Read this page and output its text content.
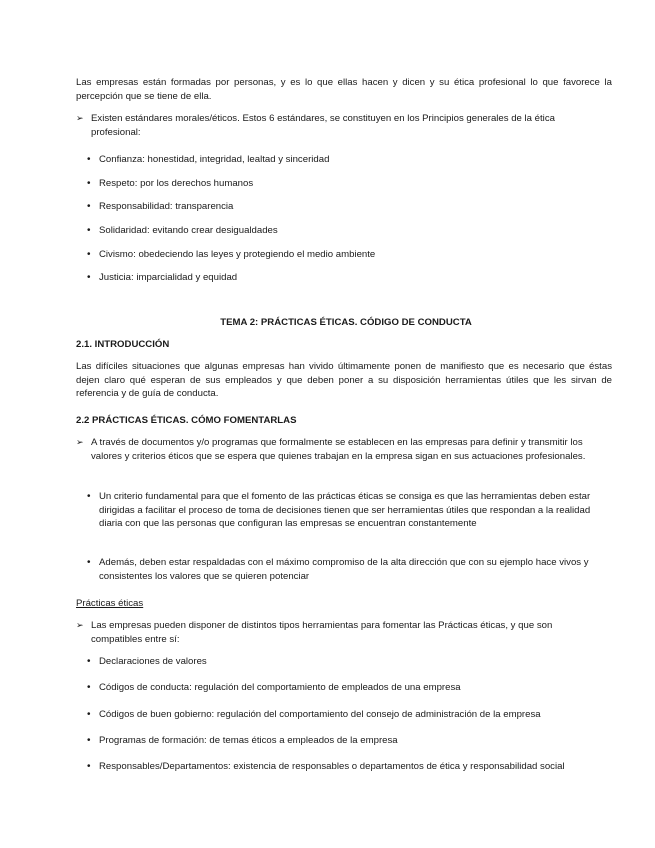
Las empresas están formadas por personas, y es lo que ellas hacen y dicen y su ética profesional lo que favorece la percepción que se tiene de ella.
➢ Existen estándares morales/éticos. Estos 6 estándares, se constituyen en los Principios generales de la ética profesional:
• Confianza: honestidad, integridad, lealtad y sinceridad
• Respeto: por los derechos humanos
• Responsabilidad: transparencia
• Solidaridad: evitando crear desigualdades
• Civismo: obedeciendo las leyes y protegiendo el medio ambiente
• Justicia: imparcialidad y equidad
TEMA 2: PRÁCTICAS ÉTICAS. CÓDIGO DE CONDUCTA
2.1. INTRODUCCIÓN
Las difíciles situaciones que algunas empresas han vivido últimamente ponen de manifiesto que es necesario que éstas dejen claro qué esperan de sus empleados y que deben poner a su disposición herramientas útiles que les sirvan de referencia y de guía de conducta.
2.2 PRÁCTICAS ÉTICAS. CÓMO FOMENTARLAS
➢ A través de documentos y/o programas que formalmente se establecen en las empresas para definir y transmitir los valores y criterios éticos que se espera que quienes trabajan en la empresa sigan en sus actuaciones profesionales.
• Un criterio fundamental para que el fomento de las prácticas éticas se consiga es que las herramientas deben estar dirigidas a facilitar el proceso de toma de decisiones tienen que ser herramientas útiles que respondan a la realidad diaria con que las personas que configuran las empresas se encuentran constantemente
• Además, deben estar respaldadas con el máximo compromiso de la alta dirección que con su ejemplo hace vivos y consistentes los valores que se quieren potenciar
Prácticas éticas
➢ Las empresas pueden disponer de distintos tipos herramientas para fomentar las Prácticas éticas, y que son compatibles entre sí:
• Declaraciones de valores
• Códigos de conducta: regulación del comportamiento de empleados de una empresa
• Códigos de buen gobierno: regulación del comportamiento del consejo de administración de la empresa
• Programas de formación: de temas éticos a empleados de la empresa
• Responsables/Departamentos: existencia de responsables o departamentos de ética y responsabilidad social
